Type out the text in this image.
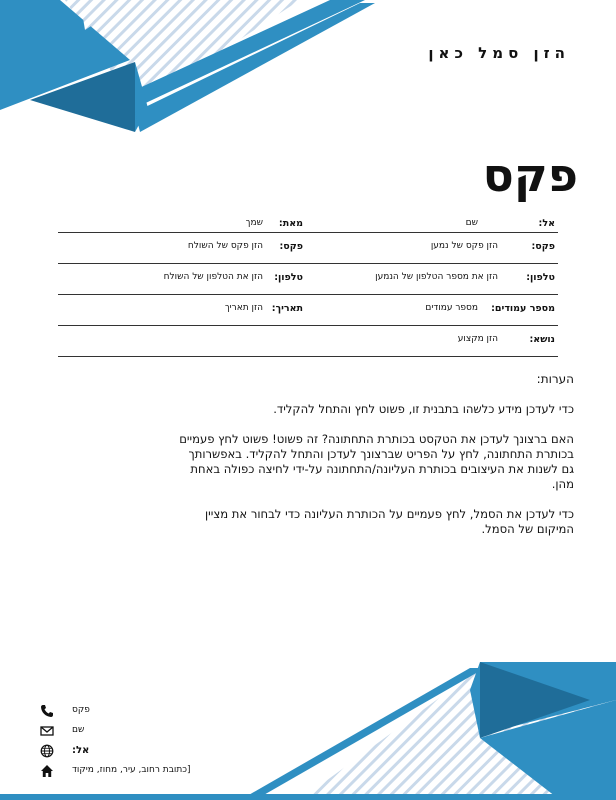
הזן סמל כאן
פקס
אל:
שם
מאת:
שמך
פקס:
הזן פקס של נמען
פקס:
הזן פקס של השולח
טלפון:
הזן את מספר הטלפון של הנמען
טלפון:
הזן את הטלפון של השולח
מספר עמודים:
מספר עמודים
תאריך:
הזן תאריך
נושא:
הזן מקצוע
הערות:

כדי לעדכן מידע כלשהו בתבנית זו, פשוט לחץ והתחל להקליד.

האם ברצונך לעדכן את הטקסט בכותרת התחתונה? זה פשוט! פשוט לחץ פעמיים בכותרת התחתונה, לחץ על הפריט שברצונך לעדכן והתחל להקליד. באפשרותך גם לשנות את העיצובים בכותרת העליונה/התחתונה על-ידי לחיצה כפולה באחת מהן.

כדי לעדכן את הסמל, לחץ פעמיים על הכותרת העליונה כדי לבחור את מציין המיקום של הסמל.

פקס
שם
אל:
[כתובת רחוב, עיר, מחוז, מיקוד
